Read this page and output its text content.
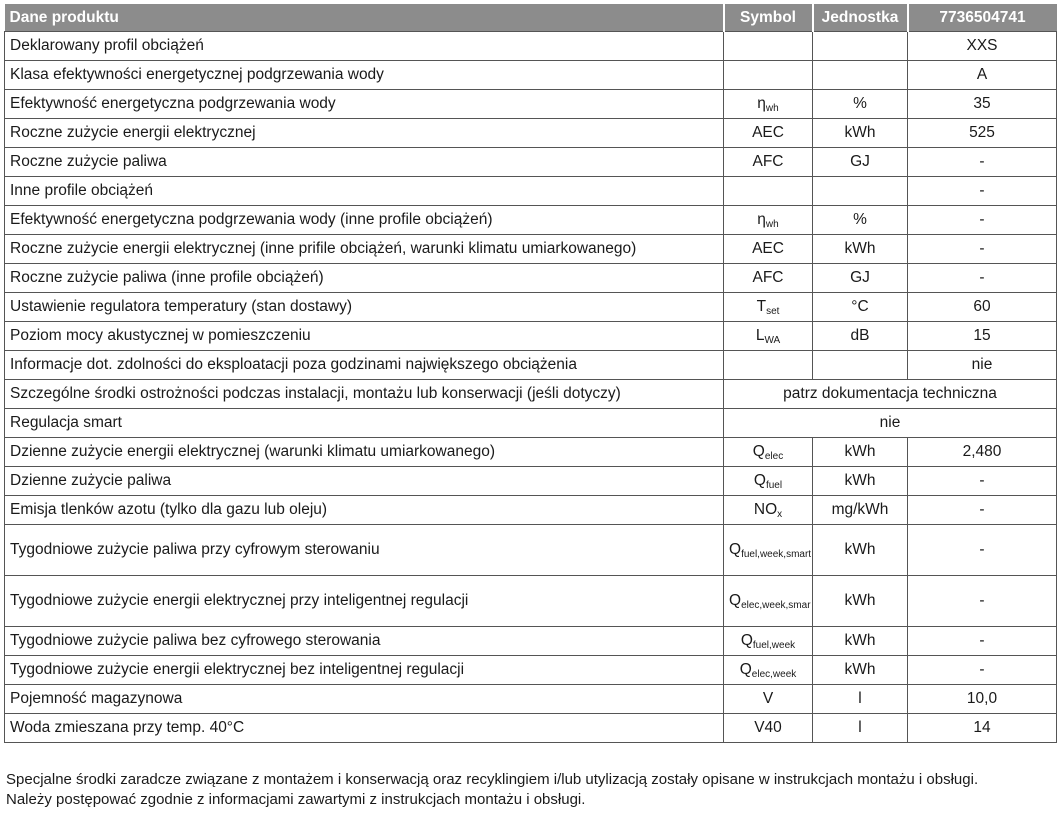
Dane produktu	Symbol	Jednostka	7736504741
Deklarowany profil obciążeń			XXS
Klasa efektywności energetycznej podgrzewania wody			A
Efektywność energetyczna podgrzewania wody	$\eta_{wh}$	%	35
Roczne zużycie energii elektrycznej	AEC	kWh	525
Roczne zużycie paliwa	AFC	GJ	-
Inne profile obciążeń			-
Efektywność energetyczna podgrzewania wody (inne profile obciążeń)	$\eta_{wh}$	%	-
Roczne zużycie energii elektrycznej (inne prifile obciążeń, warunki klimatu umiarkowanego)	AEC	kWh	-
Roczne zużycie paliwa (inne profile obciążeń)	AFC	GJ	-
Ustawienie regulatora temperatury (stan dostawy)	$T_{set}$	°C	60
Poziom mocy akustycznej w pomieszczeniu	$L_{WA}$	dB	15
Informacje dot. zdolności do eksploatacji poza godzinami największego obciążenia			nie
Szczególne środki ostrożności podczas instalacji, montażu lub konserwacji (jeśli dotyczy)	patrz dokumentacja techniczna		
Regulacja smart	nie		
Dzienne zużycie energii elektrycznej (warunki klimatu umiarkowanego)	$Q_{elec}$	kWh	2,480
Dzienne zużycie paliwa	$Q_{fuel}$	kWh	-
Emisja tlenków azotu (tylko dla gazu lub oleju)	$NO_x$	mg/kWh	-
Tygodniowe zużycie paliwa przy cyfrowym sterowaniu	$Q_{fuel,week,smart}$	kWh	-
Tygodniowe zużycie energii elektrycznej przy inteligentnej regulacji	$Q_{elec,week,smar}$	kWh	-
Tygodniowe zużycie paliwa bez cyfrowego sterowania	$Q_{fuel,week}$	kWh	-
Tygodniowe zużycie energii elektrycznej bez inteligentnej regulacji	$Q_{elec,week}$	kWh	-
Pojemność magazynowa	V	l	10,0
Woda zmieszana przy temp. 40°C	V40	l	14

Specjalne środki zaradcze związane z montażem i konserwacją oraz recyklingiem i/lub utylizacją zostały opisane w instrukcjach montażu i obsługi.

Należy postępować zgodnie z informacjami zawartymi z instrukcjach montażu i obsługi.
